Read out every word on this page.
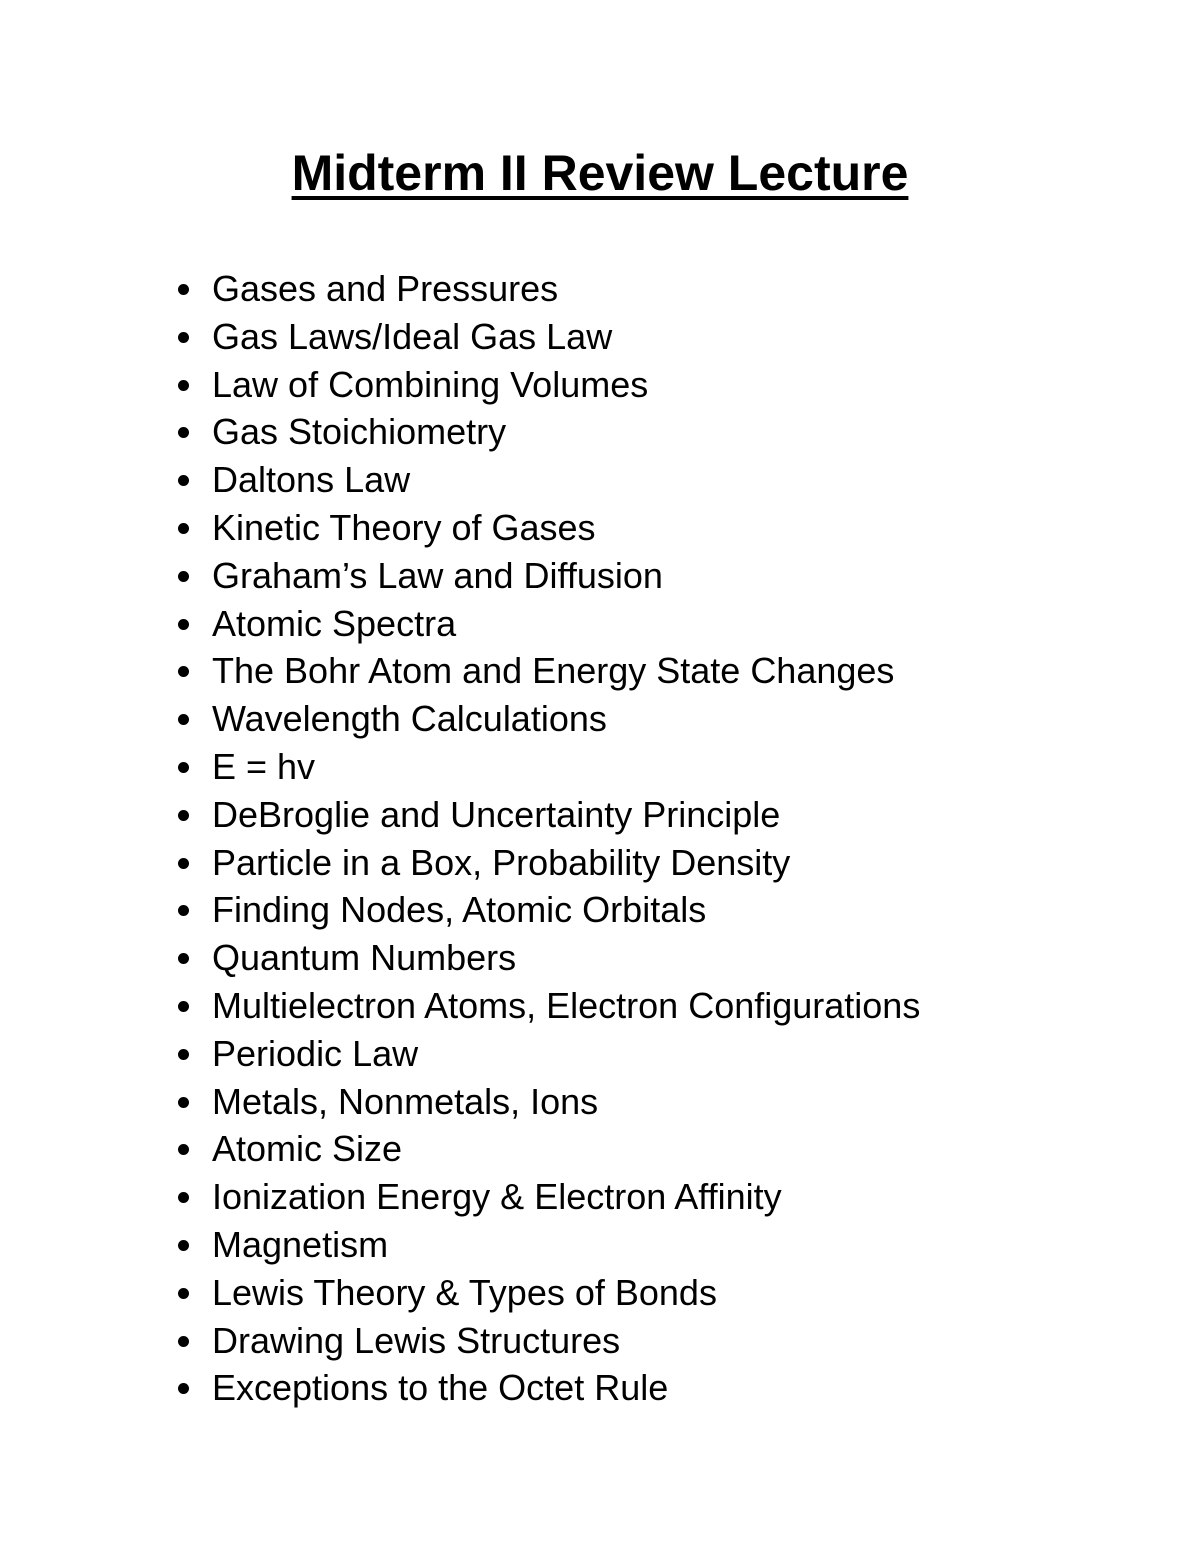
Midterm II Review Lecture
Gases and Pressures
Gas Laws/Ideal Gas Law
Law of Combining Volumes
Gas Stoichiometry
Daltons Law
Kinetic Theory of Gases
Graham’s Law and Diffusion
Atomic Spectra
The Bohr Atom and Energy State Changes
Wavelength Calculations
E = hv
DeBroglie and Uncertainty Principle
Particle in a Box, Probability Density
Finding Nodes, Atomic Orbitals
Quantum Numbers
Multielectron Atoms, Electron Configurations
Periodic Law
Metals, Nonmetals, Ions
Atomic Size
Ionization Energy & Electron Affinity
Magnetism
Lewis Theory & Types of Bonds
Drawing Lewis Structures
Exceptions to the Octet Rule
